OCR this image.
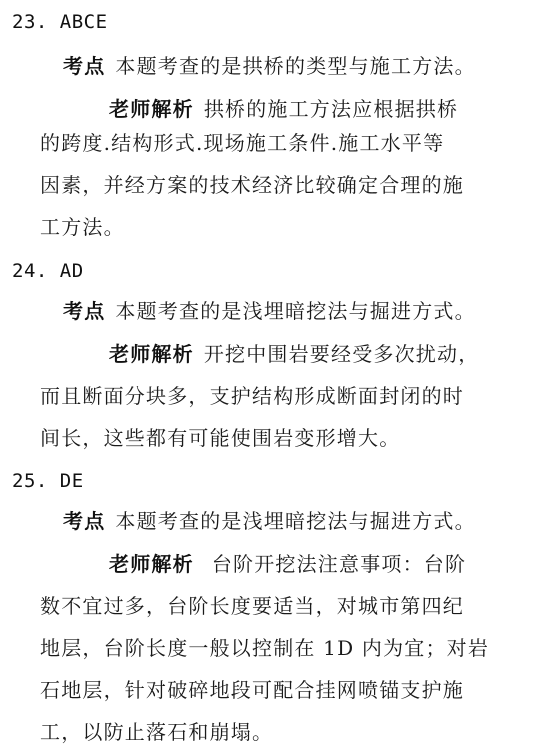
23. ABCE
考点 本题考查的是拱桥的类型与施工方法。
老师解析 拱桥的施工方法应根据拱桥
的跨度.结构形式.现场施工条件.施工水平等
因素，并经方案的技术经济比较确定合理的施
工方法。
24. AD
考点 本题考查的是浅埋暗挖法与掘进方式。
老师解析 开挖中围岩要经受多次扰动，
而且断面分块多，支护结构形成断面封闭的时
间长，这些都有可能使围岩变形增大。
25. DE
考点 本题考查的是浅埋暗挖法与掘进方式。
老师解析 台阶开挖法注意事项：台阶
数不宜过多，台阶长度要适当，对城市第四纪
地层，台阶长度一般以控制在 1D 内为宜；对岩
石地层，针对破碎地段可配合挂网喷锚支护施
工，以防止落石和崩塌。
